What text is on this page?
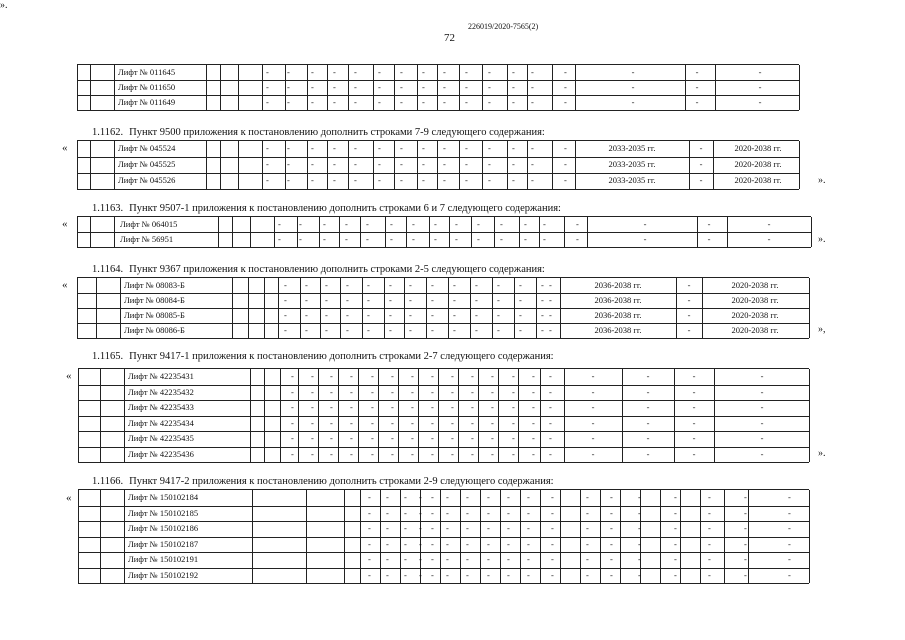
226019/2020-7565(2)
72
Лифт № 011645	- - - - - - - - - - - - -	-	-	-	-
Лифт № 011650	- - - - - - - - - - - - -	-	-	-	-
Лифт № 011649	- - - - - - - - - - - - -	-	-	-	-
».
1.1162. Пункт 9500 приложения к постановлению дополнить строками 7-9 следующего содержания:
«	Лифт № 045524	- - - - - - - - - - - - -	-	2033-2035 гг.	-	2020-2038 гг.
Лифт № 045525	- - - - - - - - - - - - -	-	2033-2035 гг.	-	2020-2038 гг.
Лифт № 045526	- - - - - - - - - - - - -	-	2033-2035 гг.	-	2020-2038 гг.	».
1.1163. Пункт 9507-1 приложения к постановлению дополнить строками 6 и 7 следующего содержания:
«	Лифт № 064015	- - - - - - - - - - - - -	-	-	-	-
Лифт № 56951	- - - - - - - - - - - - -	-	-	-	-	».
1.1164. Пункт 9367 приложения к постановлению дополнить строками 2-5 следующего содержания:
«	Лифт № 08083-Б	- - - - - - - - - - - - - -	2036-2038 гг.	-	2020-2038 гг.
Лифт № 08084-Б	- - - - - - - - - - - - - -	2036-2038 гг.	-	2020-2038 гг.
Лифт № 08085-Б	- - - - - - - - - - - - - -	2036-2038 гг.	-	2020-2038 гг.
Лифт № 08086-Б	- - - - - - - - - - - - - -	2036-2038 гг.	-	2020-2038 гг.	»,
1.1165. Пункт 9417-1 приложения к постановлению дополнить строками 2-7 следующего содержания:
«	Лифт № 42235431	- - - - - - - - - - - - - -	-	-	-	-
Лифт № 42235432	- - - - - - - - - - - - - -	-	-	-	-
Лифт № 42235433	- - - - - - - - - - - - - -	-	-	-	-
Лифт № 42235434	- - - - - - - - - - - - - -	-	-	-	-
Лифт № 42235435	- - - - - - - - - - - - - -	-	-	-	-
Лифт № 42235436	- - - - - - - - - - - - - -	-	-	-	-	».
1.1166. Пункт 9417-2 приложения к постановлению дополнить строками 2-9 следующего содержания:
«	Лифт № 150102184	- - - - - - - - - - -	- -	-	-	-	-	-
Лифт № 150102185	- - - - - - - - - - -	- -	-	-	-	-	-
Лифт № 150102186	- - - - - - - - - - -	- -	-	-	-	-	-
Лифт № 150102187	- - - - - - - - - - -	- -	-	-	-	-	-
Лифт № 150102191	- - - - - - - - - - -	- -	-	-	-	-	-
Лифт № 150102192	- - - - - - - - - - -	- -	-	-	-	-	-
